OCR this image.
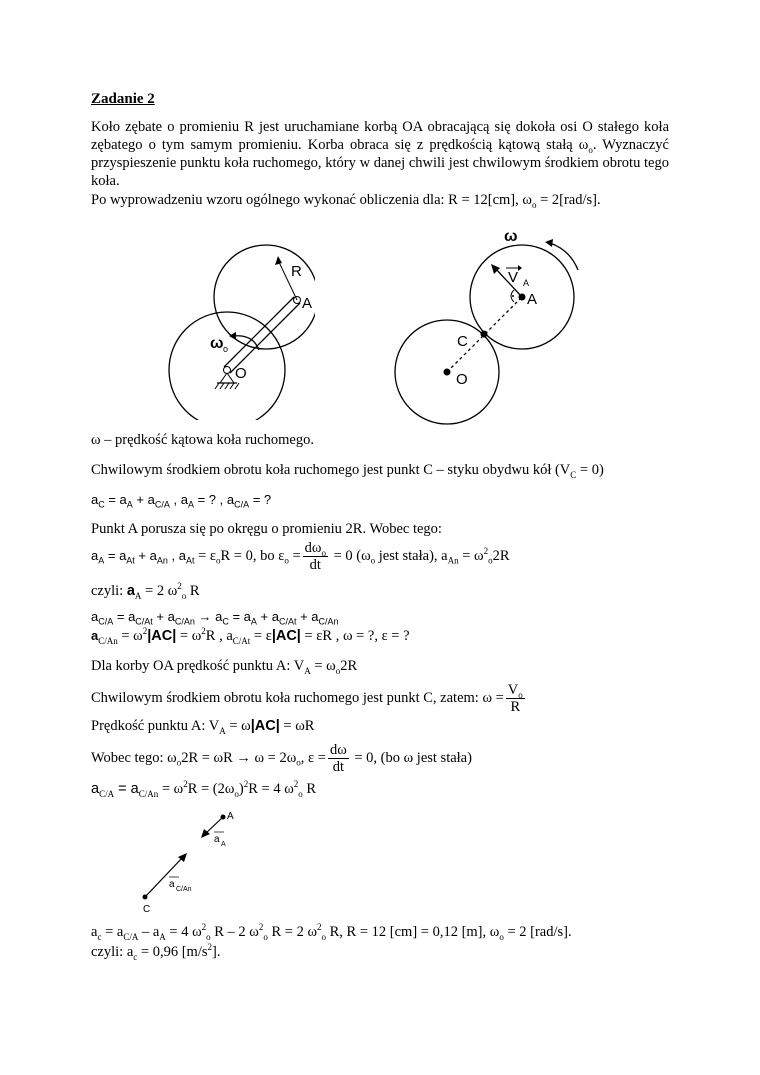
Zadanie 2
Koło zębate o promieniu R jest uruchamiane korbą OA obracającą się dokoła osi O stałego koła zębatego o tym samym promieniu. Korba obraca się z prędkością kątową stałą $\omega_o$. Wyznaczyć przyspieszenie punktu koła ruchomego, który w danej chwili jest chwilowym środkiem obrotu tego koła.
Po wyprowadzeniu wzoru ogólnego wykonać obliczenia dla: R = 12[cm], $\omega_o = 2[rad/s]$.
R
A
O
ω o
ω
V A
A
C
O
ω – prędkość kątowa koła ruchomego.
Chwilowym środkiem obrotu koła ruchomego jest punkt C – styku obydwu kół $(V_C = 0)$
$a_C = a_A + a_{C/A}$ , $a_A$ = ? , $a_{C/A}$ = ?
Punkt A porusza się po okręgu o promieniu 2R. Wobec tego:
$a_A = a_{At} + a_{An}$ , $a_{At} = \varepsilon_oR = 0$, bo $\varepsilon_o = \frac{d\omega_o}{dt} = 0$ ($\omega_o$ jest stała), $a_{An} = \omega^2_o2R$
czyli: $a_A = 2$ $\omega^2_o$ R
$a_{C/A} = a_{C/At} + a_{C/An} \to a_C = a_A + a_{C/At} + a_{C/An}$
$a_{C/An} = \omega^2|AC| = \omega^2R$ , $a_{C/At} = \varepsilon|AC| = \varepsilon R$ , ω = ?, ε = ?
Dla korby OA prędkość punktu A: $V_A = \omega_o2R$
Chwilowym środkiem obrotu koła ruchomego jest punkt C, zatem: $\omega = \frac{V_o}{R}$
Prędkość punktu A: $V_A = \omega|AC| = \omega R$
Wobec tego: $\omega_o2R = \omega R \to \omega = 2\omega_o$, $\varepsilon = \frac{d\omega}{dt} = 0$, (bo ω jest stała)
$a_{C/A} = a_{C/An} = \omega^2R = (2\omega_o)^2R = 4$ $\omega^2_o$ R
A
a A
C
a C/An
$a_c = a_{C/A} - a_A = 4$ $\omega^2_o$ R – 2 $\omega^2_o$ R = 2 $\omega^2_o$ R, R = 12 [cm] = 0,12 [m], $\omega_o = 2$ [rad/s].
czyli: $a_c = 0,96$ $[m/s^2]$.
